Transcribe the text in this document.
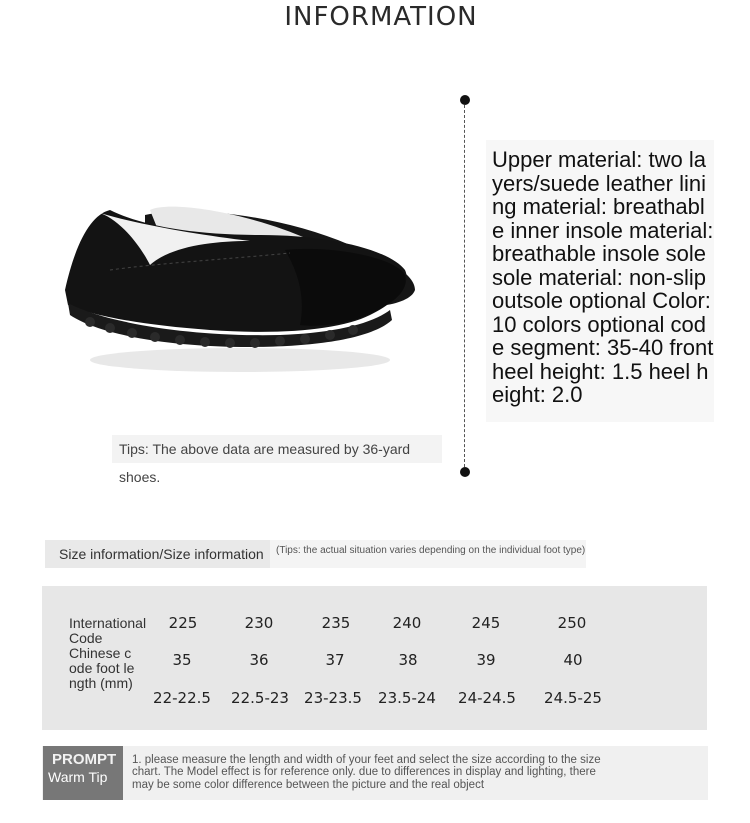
INFORMATION
Tips: The above data are measured by 36-yard shoes.
Upper material: two layers/suede leather lining material: breathable inner insole material: breathable insole sole sole material: non-slip outsole optional Color: 10 colors optional code segment: 35-40 front heel height: 1.5 heel height: 2.0
Size information/Size information	(Tips: the actual situation varies depending on the individual foot type)
International Code
Chinese code foot length (mm)
225	230	235	240	245	250
35	36	37	38	39	40
22-22.5 22.5-23 23-23.5 23.5-24 24-24.5 24.5-25
PROMPT
Warm Tip
1. please measure the length and width of your feet and select the size according to the size chart. The Model effect is for reference only. due to differences in display and lighting, there may be some color difference between the picture and the real object
